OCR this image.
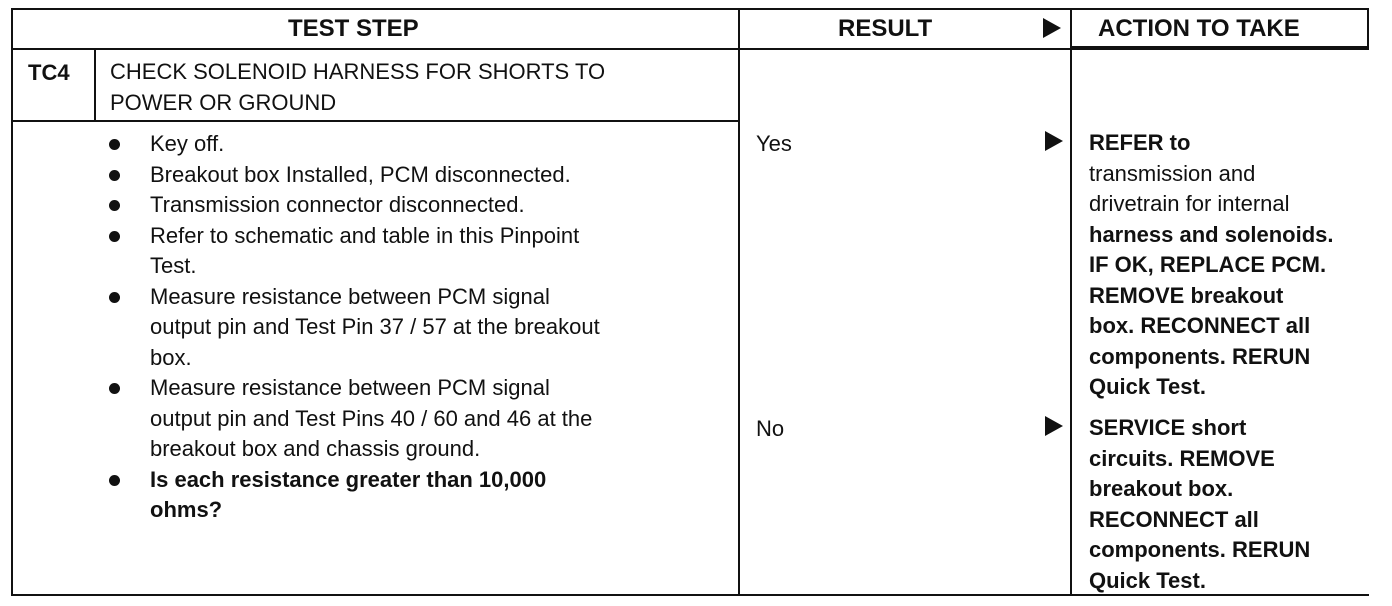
TEST STEP	RESULT	ACTION TO TAKE
TC4 CHECK SOLENOID HARNESS FOR SHORTS TO
POWER OR GROUND
Key off.
Breakout box Installed, PCM disconnected.
Transmission connector disconnected.
Refer to schematic and table in this Pinpoint
Test.
Measure resistance between PCM signal
output pin and Test Pin 37 / 57 at the breakout
box.
Measure resistance between PCM signal
output pin and Test Pins 40 / 60 and 46 at the
breakout box and chassis ground.
Is each resistance greater than 10,000
ohms?
Yes
No
REFER to
transmission and
drivetrain for internal
harness and solenoids.
IF OK, REPLACE PCM.
REMOVE breakout
box. RECONNECT all
components. RERUN
Quick Test.
SERVICE short
circuits. REMOVE
breakout box.
RECONNECT all
components. RERUN
Quick Test.
